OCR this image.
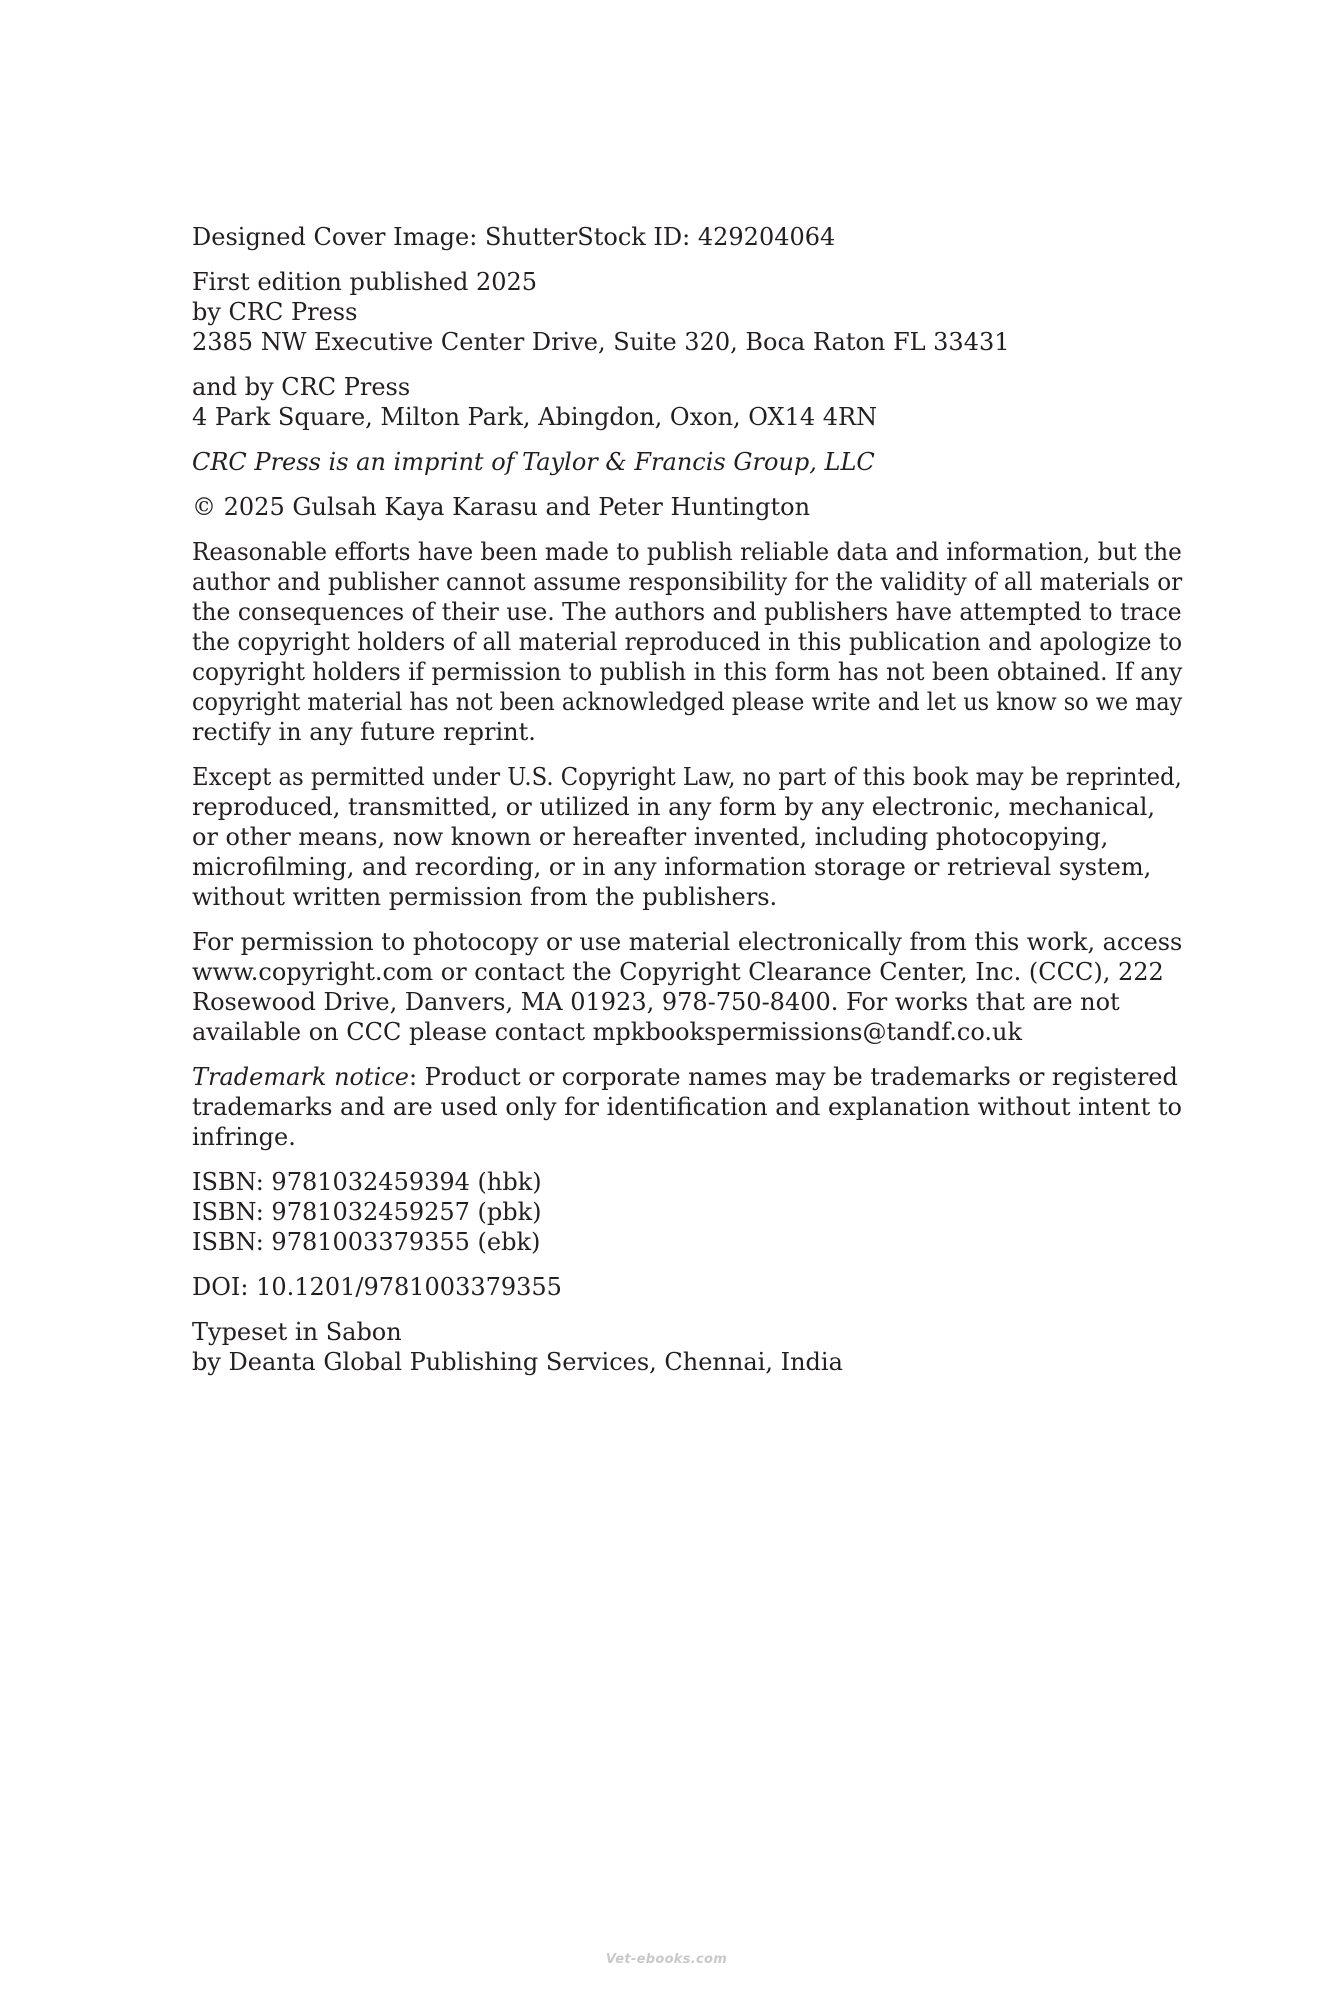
Designed Cover Image: ShutterStock ID: 429204064

First edition published 2025
by CRC Press
2385 NW Executive Center Drive, Suite 320, Boca Raton FL 33431

and by CRC Press
4 Park Square, Milton Park, Abingdon, Oxon, OX14 4RN

CRC Press is an imprint of Taylor & Francis Group, LLC

© 2025 Gulsah Kaya Karasu and Peter Huntington

Reasonable efforts have been made to publish reliable data and information, but the
author and publisher cannot assume responsibility for the validity of all materials or
the consequences of their use. The authors and publishers have attempted to trace
the copyright holders of all material reproduced in this publication and apologize to
copyright holders if permission to publish in this form has not been obtained. If any
copyright material has not been acknowledged please write and let us know so we may
rectify in any future reprint.

Except as permitted under U.S. Copyright Law, no part of this book may be reprinted,
reproduced, transmitted, or utilized in any form by any electronic, mechanical,
or other means, now known or hereafter invented, including photocopying,
microfilming, and recording, or in any information storage or retrieval system,
without written permission from the publishers.

For permission to photocopy or use material electronically from this work, access
www.copyright.com or contact the Copyright Clearance Center, Inc. (CCC), 222
Rosewood Drive, Danvers, MA 01923, 978-750-8400. For works that are not
available on CCC please contact mpkbookspermissions@tandf.co.uk

Trademark notice: Product or corporate names may be trademarks or registered
trademarks and are used only for identification and explanation without intent to
infringe.

ISBN: 9781032459394 (hbk)
ISBN: 9781032459257 (pbk)
ISBN: 9781003379355 (ebk)

DOI: 10.1201/9781003379355

Typeset in Sabon
by Deanta Global Publishing Services, Chennai, India

Vet-ebooks.com
